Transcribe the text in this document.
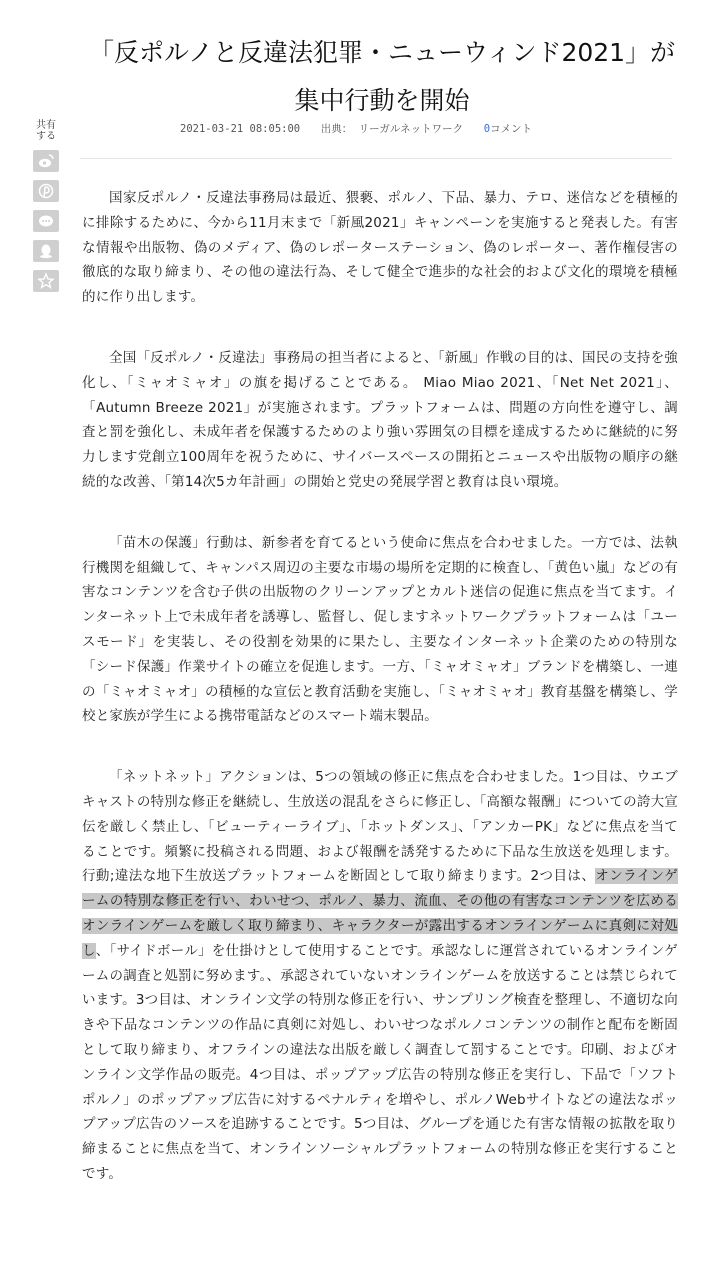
「反ポルノと反違法犯罪・ニューウィンド2021」が集中行動を開始
2021-03-21 08:05:00 出典： リーガルネットワーク 0コメント
共有
する

国家反ポルノ・反違法事務局は最近、猥褻、ポルノ、下品、暴力、テロ、迷信などを積極的に排除するために、今から11月末まで「新風2021」キャンペーンを実施すると発表した。有害な情報や出版物、偽のメディア、偽のレポーターステーション、偽のレポーター、著作権侵害の徹底的な取り締まり、その他の違法行為、そして健全で進歩的な社会的および文化的環境を積極的に作り出します。

全国「反ポルノ・反違法」事務局の担当者によると、「新風」作戦の目的は、国民の支持を強化し、「ミャオミャオ」の旗を掲げることである。 Miao Miao 2021、「Net Net 2021」、「Autumn Breeze 2021」が実施されます。プラットフォームは、問題の方向性を遵守し、調査と罰を強化し、未成年者を保護するためのより強い雰囲気の目標を達成するために継続的に努力します党創立100周年を祝うために、サイバースペースの開拓とニュースや出版物の順序の継続的な改善、「第14次5カ年計画」の開始と党史の発展学習と教育は良い環境。

「苗木の保護」行動は、新参者を育てるという使命に焦点を合わせました。一方では、法執行機関を組織して、キャンパス周辺の主要な市場の場所を定期的に検査し、「黄色い嵐」などの有害なコンテンツを含む子供の出版物のクリーンアップとカルト迷信の促進に焦点を当てます。インターネット上で未成年者を誘導し、監督し、促しますネットワークプラットフォームは「ユースモード」を実装し、その役割を効果的に果たし、主要なインターネット企業のための特別な「シード保護」作業サイトの確立を促進します。一方、「ミャオミャオ」ブランドを構築し、一連の「ミャオミャオ」の積極的な宣伝と教育活動を実施し、「ミャオミャオ」教育基盤を構築し、学校と家族が学生による携帯電話などのスマート端末製品。

「ネットネット」アクションは、5つの領域の修正に焦点を合わせました。1つ目は、ウエブキャストの特別な修正を継続し、生放送の混乱をさらに修正し、「高額な報酬」についての誇大宣伝を厳しく禁止し、「ビューティーライブ」、「ホットダンス」、「アンカーPK」などに焦点を当てることです。頻繁に投稿される問題、および報酬を誘発するために下品な生放送を処理します。行動;違法な地下生放送プラットフォームを断固として取り締まります。2つ目は、オンラインゲームの特別な修正を行い、わいせつ、ポルノ、暴力、流血、その他の有害なコンテンツを広めるオンラインゲームを厳しく取り締まり、キャラクターが露出するオンラインゲームに真剣に対処し、「サイドボール」を仕掛けとして使用することです。承認なしに運営されているオンラインゲームの調査と処罰に努めます。、承認されていないオンラインゲームを放送することは禁じられています。3つ目は、オンライン文学の特別な修正を行い、サンプリング検査を整理し、不適切な向きや下品なコンテンツの作品に真剣に対処し、わいせつなポルノコンテンツの制作と配布を断固として取り締まり、オフラインの違法な出版を厳しく調査して罰することです。印刷、およびオンライン文学作品の販売。4つ目は、ポップアップ広告の特別な修正を実行し、下品で「ソフトポルノ」のポップアップ広告に対するペナルティを増やし、ポルノWebサイトなどの違法なポップアップ広告のソースを追跡することです。5つ目は、グループを通じた有害な情報の拡散を取り締まることに焦点を当て、オンラインソーシャルプラットフォームの特別な修正を実行することです。
